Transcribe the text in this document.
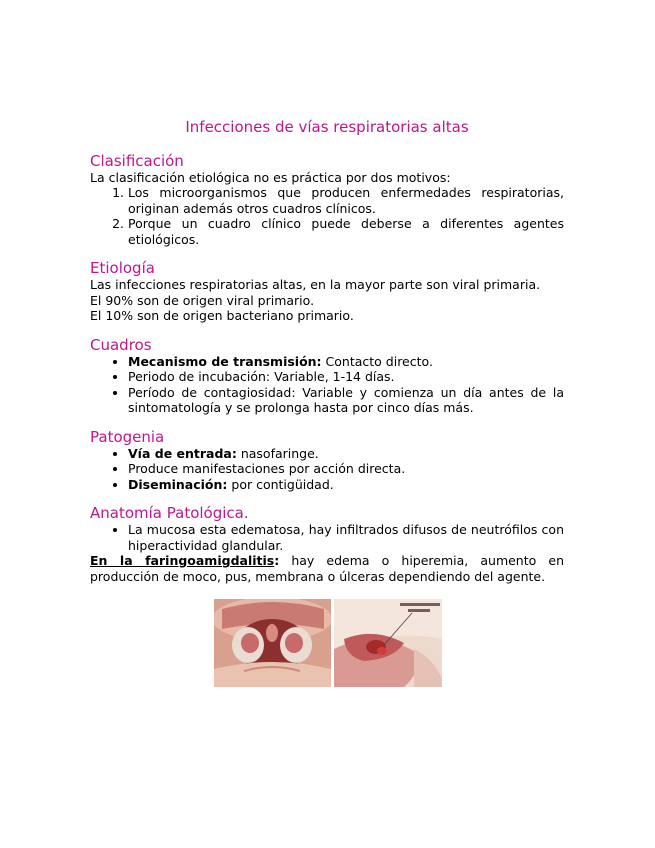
Infecciones de vías respiratorias altas
Clasificación

La clasificación etiológica no es práctica por dos motivos:

1. Los microorganismos que producen enfermedades respiratorias, originan además otros cuadros clínicos.
2. Porque un cuadro clínico puede deberse a diferentes agentes etiológicos.
Etiología

Las infecciones respiratorias altas, en la mayor parte son viral primaria.

El 90% son de origen viral primario.

El 10% son de origen bacteriano primario.

Cuadros
• Mecanismo de transmisión: Contacto directo.
• Periodo de incubación: Variable, 1-14 días.
• Período de contagiosidad: Variable y comienza un día antes de la sintomatología y se prolonga hasta por cinco días más.
Patogenia
• Vía de entrada: nasofaringe.
• Produce manifestaciones por acción directa.
• Diseminación: por contigüidad.
Anatomía Patológica.
• La mucosa esta edematosa, hay infiltrados difusos de neutrófilos con hiperactividad glandular.

En la faringoamigdalitis: hay edema o hiperemia, aumento en producción de moco, pus, membrana o úlceras dependiendo del agente.
